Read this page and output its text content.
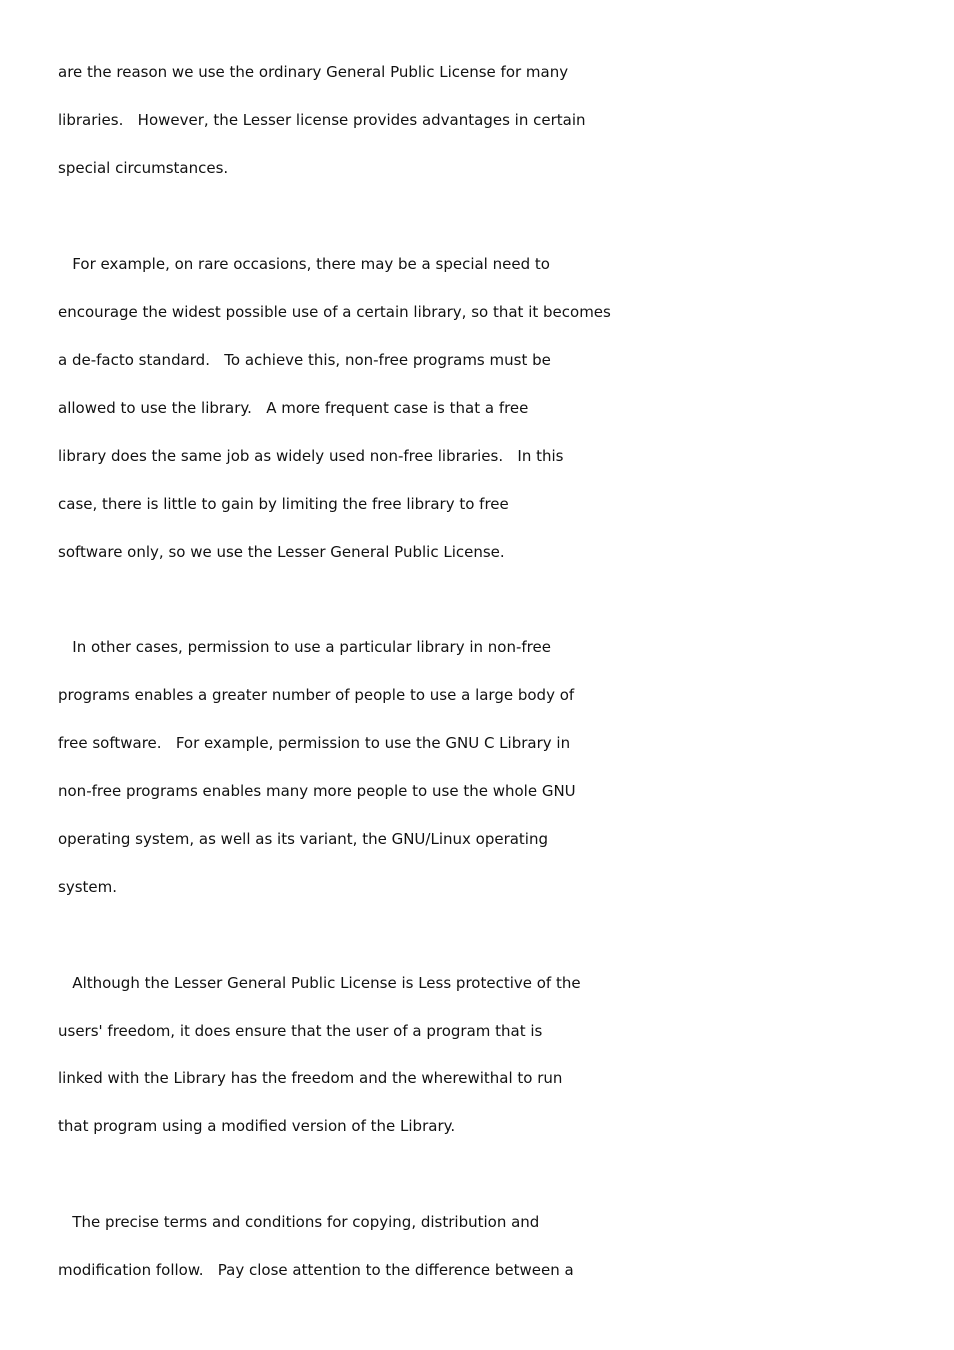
are the reason we use the ordinary General Public License for many

libraries.   However, the Lesser license provides advantages in certain

special circumstances.

For example, on rare occasions, there may be a special need to

encourage the widest possible use of a certain library, so that it becomes

a de-facto standard.   To achieve this, non-free programs must be

allowed to use the library.   A more frequent case is that a free

library does the same job as widely used non-free libraries.   In this

case, there is little to gain by limiting the free library to free

software only, so we use the Lesser General Public License.

In other cases, permission to use a particular library in non-free

programs enables a greater number of people to use a large body of

free software.   For example, permission to use the GNU C Library in

non-free programs enables many more people to use the whole GNU

operating system, as well as its variant, the GNU/Linux operating

system.

Although the Lesser General Public License is Less protective of the

users' freedom, it does ensure that the user of a program that is

linked with the Library has the freedom and the wherewithal to run

that program using a modified version of the Library.

The precise terms and conditions for copying, distribution and

modification follow.   Pay close attention to the difference between a
